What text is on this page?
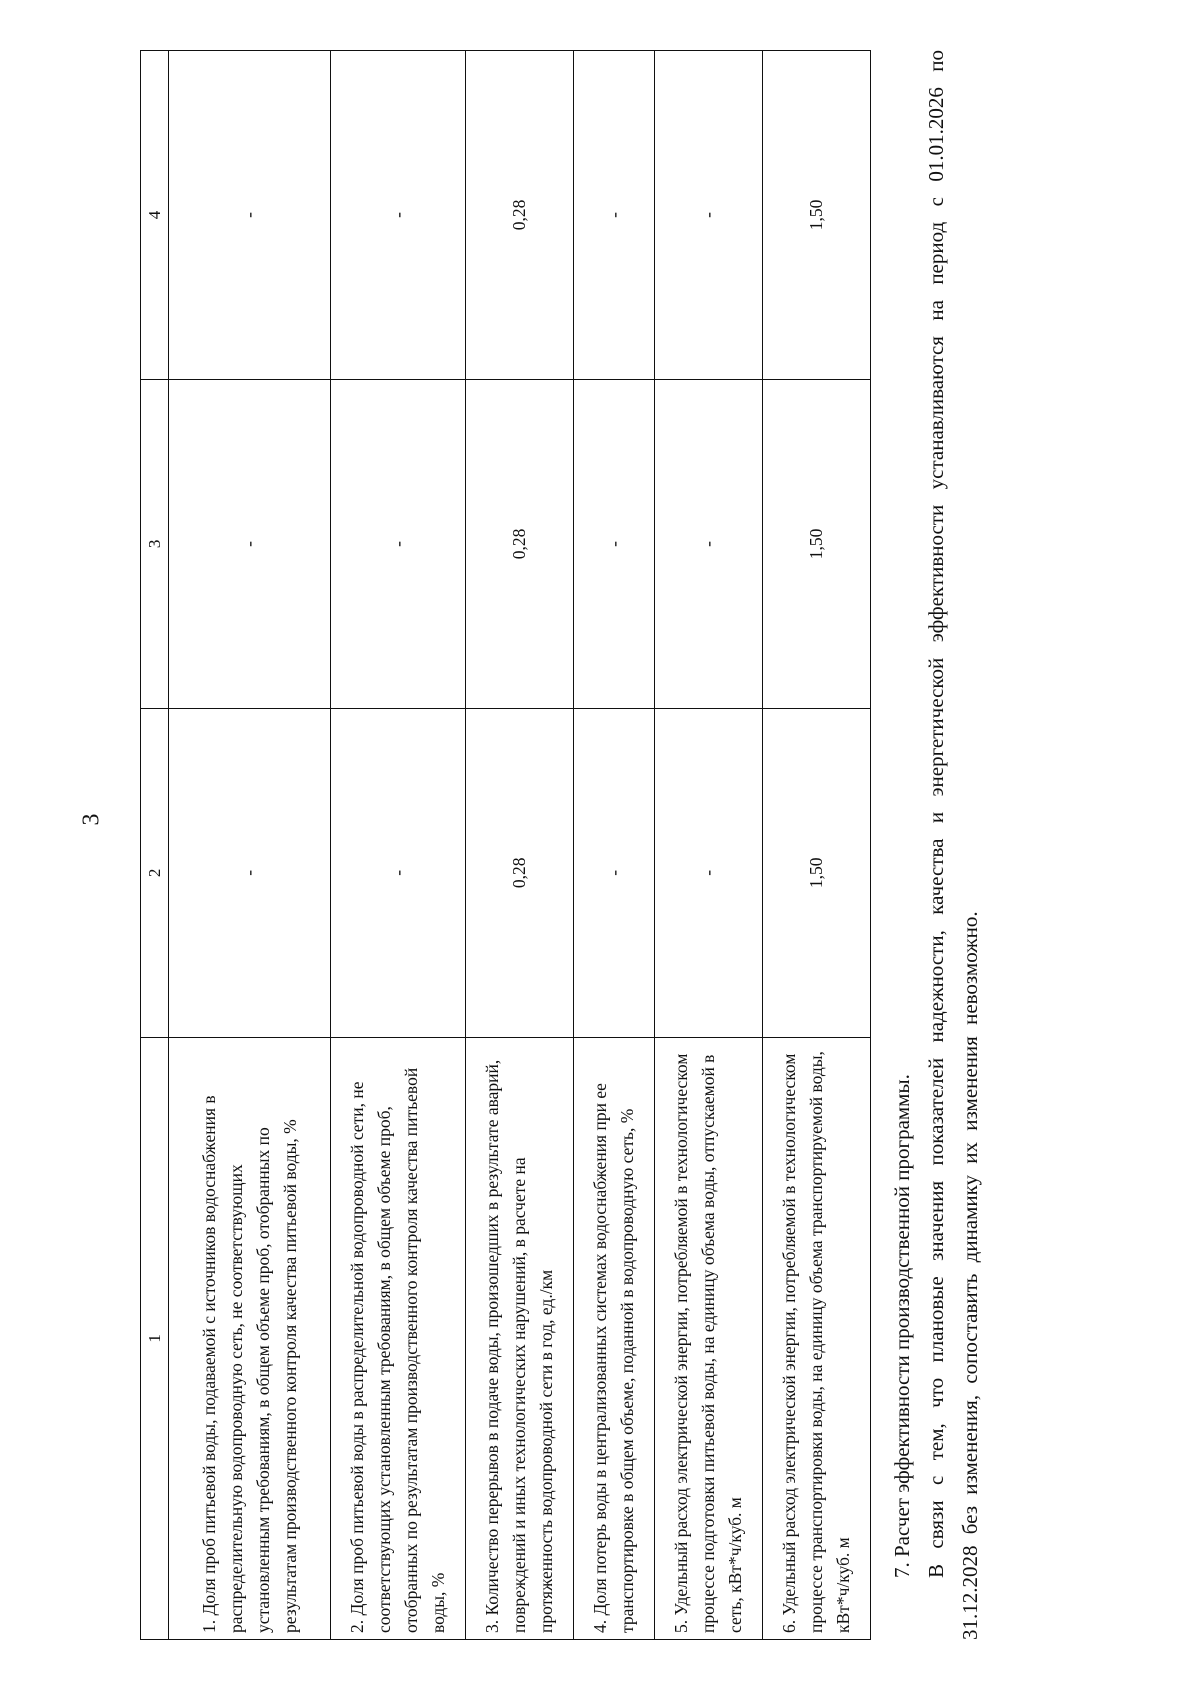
3
1	2	3	4
1. Доля проб питьевой воды, подаваемой с источников водоснабжения в распределительную водопроводную сеть, не соответствующих установленным требованиям, в общем объеме проб, отобранных по результатам производственного контроля качества питьевой воды, %	-	-	-
2. Доля проб питьевой воды в распределительной водопроводной сети, не соответствующих установленным требованиям, в общем объеме проб, отобранных по результатам производственного контроля качества питьевой воды, %	-	-	-
3. Количество перерывов в подаче воды, произошедших в результате аварий, повреждений и иных технологических нарушений, в расчете на протяженность водопроводной сети в год, ед./км	0,28	0,28	0,28
4. Доля потерь воды в централизованных системах водоснабжения при ее транспортировке в общем объеме, поданной в водопроводную сеть, %	-	-	-
5. Удельный расход электрической энергии, потребляемой в технологическом процессе подготовки питьевой воды, на единицу объема воды, отпускаемой в сеть, кВт*ч/куб. м	-	-	-
6. Удельный расход электрической энергии, потребляемой в технологическом процессе транспортировки воды, на единицу объема транспортируемой воды, кВт*ч/куб. м	1,50	1,50	1,50

7. Расчет эффективности производственной программы. В связи с тем, что плановые значения показателей надежности, качества и энергетической эффективности устанавливаются на период с 01.01.2026 по 31.12.2028 без изменения, сопоставить динамику их изменения невозможно.
